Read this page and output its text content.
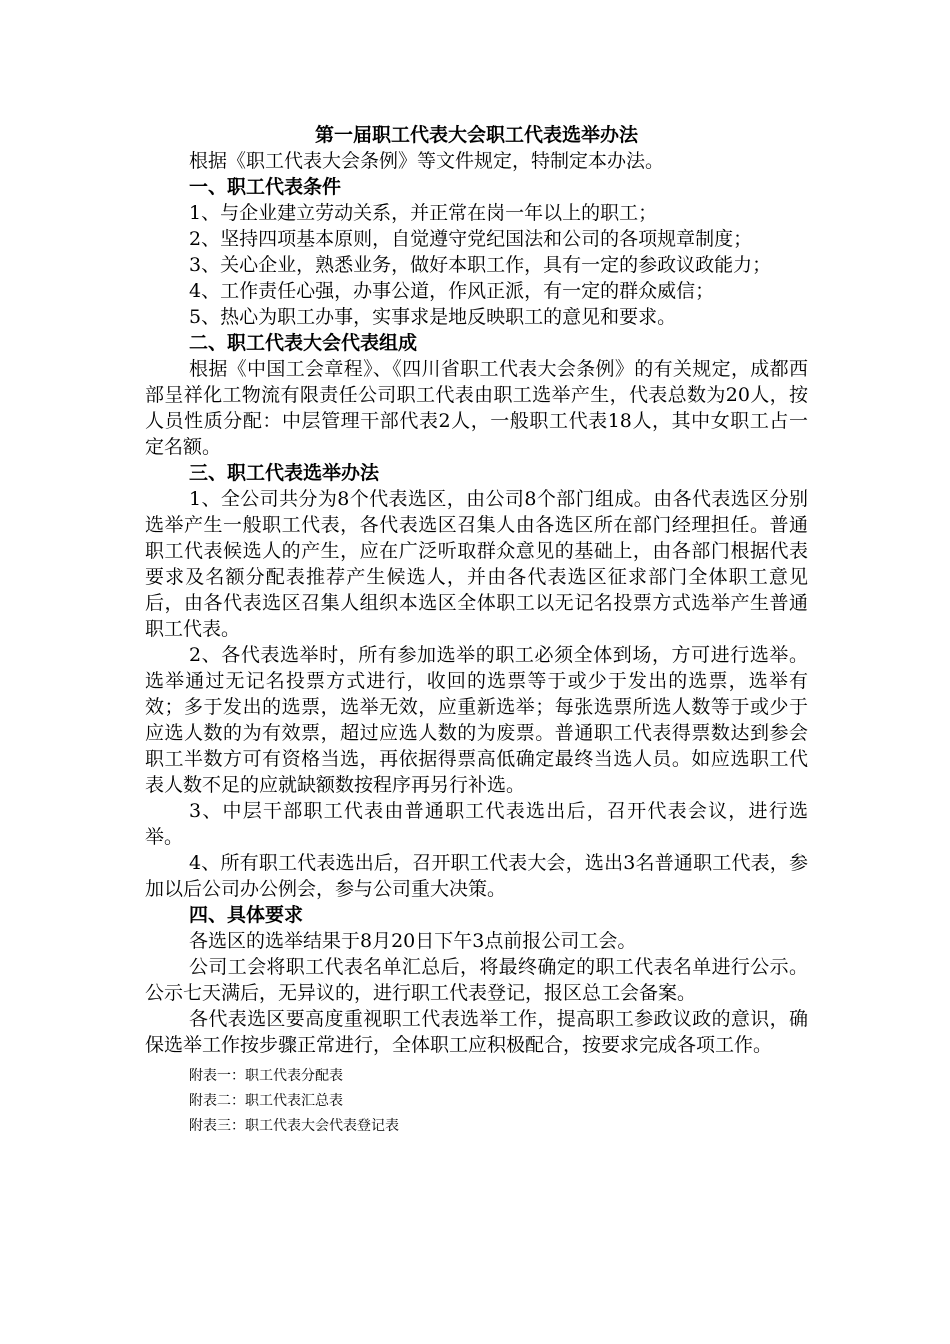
第一届职工代表大会职工代表选举办法

根据《职工代表大会条例》等文件规定，特制定本办法。

一、职工代表条件

1、与企业建立劳动关系，并正常在岗一年以上的职工；

2、坚持四项基本原则，自觉遵守党纪国法和公司的各项规章制度；

3、关心企业，熟悉业务，做好本职工作，具有一定的参政议政能力；

4、工作责任心强，办事公道，作风正派，有一定的群众威信；

5、热心为职工办事，实事求是地反映职工的意见和要求。

二、职工代表大会代表组成

根据《中国工会章程》、《四川省职工代表大会条例》的有关规定，成都西部呈祥化工物流有限责任公司职工代表由职工选举产生，代表总数为20人，按人员性质分配：中层管理干部代表2人，一般职工代表18人，其中女职工占一定名额。

三、职工代表选举办法

1、全公司共分为8个代表选区，由公司8个部门组成。由各代表选区分别选举产生一般职工代表，各代表选区召集人由各选区所在部门经理担任。普通职工代表候选人的产生，应在广泛听取群众意见的基础上，由各部门根据代表要求及名额分配表推荐产生候选人，并由各代表选区征求部门全体职工意见后，由各代表选区召集人组织本选区全体职工以无记名投票方式选举产生普通职工代表。

2、各代表选举时，所有参加选举的职工必须全体到场，方可进行选举。选举通过无记名投票方式进行，收回的选票等于或少于发出的选票，选举有效；多于发出的选票，选举无效，应重新选举；每张选票所选人数等于或少于应选人数的为有效票，超过应选人数的为废票。普通职工代表得票数达到参会职工半数方可有资格当选，再依据得票高低确定最终当选人员。如应选职工代表人数不足的应就缺额数按程序再另行补选。

3、中层干部职工代表由普通职工代表选出后，召开代表会议，进行选举。

4、所有职工代表选出后，召开职工代表大会，选出3名普通职工代表，参加以后公司办公例会，参与公司重大决策。

四、具体要求

各选区的选举结果于8月20日下午3点前报公司工会。

公司工会将职工代表名单汇总后，将最终确定的职工代表名单进行公示。公示七天满后，无异议的，进行职工代表登记，报区总工会备案。

各代表选区要高度重视职工代表选举工作，提高职工参政议政的意识，确保选举工作按步骤正常进行，全体职工应积极配合，按要求完成各项工作。

附表一：职工代表分配表

附表二：职工代表汇总表

附表三：职工代表大会代表登记表
